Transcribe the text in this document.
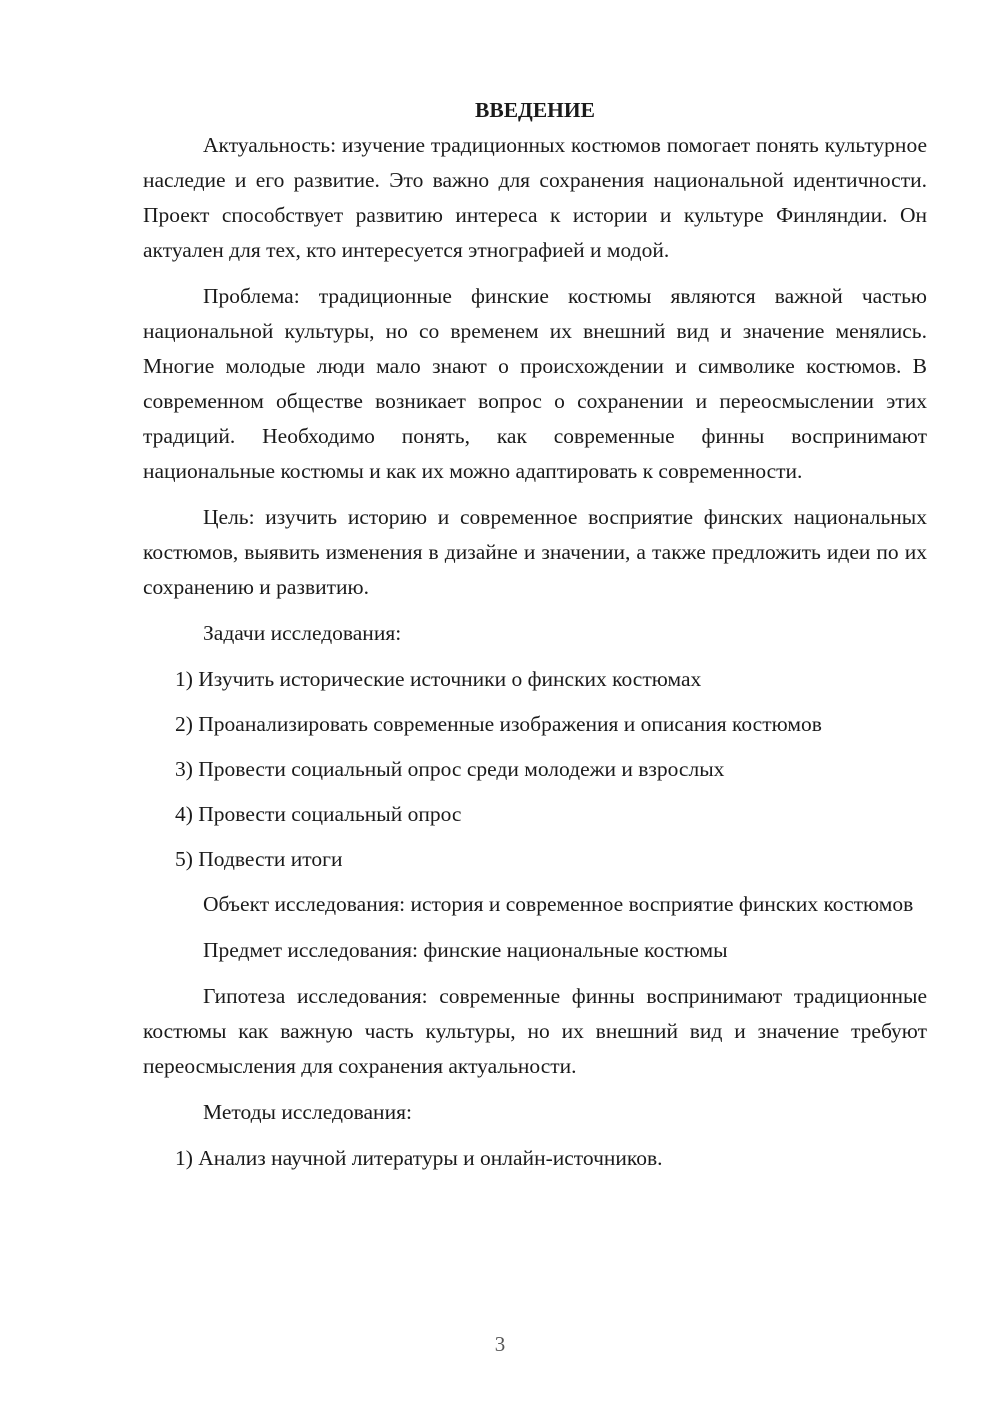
ВВЕДЕНИЕ

Актуальность: изучение традиционных костюмов помогает понять культурное наследие и его развитие. Это важно для сохранения национальной идентичности. Проект способствует развитию интереса к истории и культуре Финляндии. Он актуален для тех, кто интересуется этнографией и модой.

Проблема: традиционные финские костюмы являются важной частью национальной культуры, но со временем их внешний вид и значение менялись. Многие молодые люди мало знают о происхождении и символике костюмов. В современном обществе возникает вопрос о сохранении и переосмыслении этих традиций. Необходимо понять, как современные финны воспринимают национальные костюмы и как их можно адаптировать к современности.

Цель: изучить историю и современное восприятие финских национальных костюмов, выявить изменения в дизайне и значении, а также предложить идеи по их сохранению и развитию.

Задачи исследования:

1) Изучить исторические источники о финских костюмах

2) Проанализировать современные изображения и описания костюмов

3) Провести социальный опрос среди молодежи и взрослых

4) Провести социальный опрос

5) Подвести итоги

Объект исследования: история и современное восприятие финских костюмов

Предмет исследования: финские национальные костюмы

Гипотеза исследования: современные финны воспринимают традиционные костюмы как важную часть культуры, но их внешний вид и значение требуют переосмысления для сохранения актуальности.

Методы исследования:

1) Анализ научной литературы и онлайн-источников.

3
